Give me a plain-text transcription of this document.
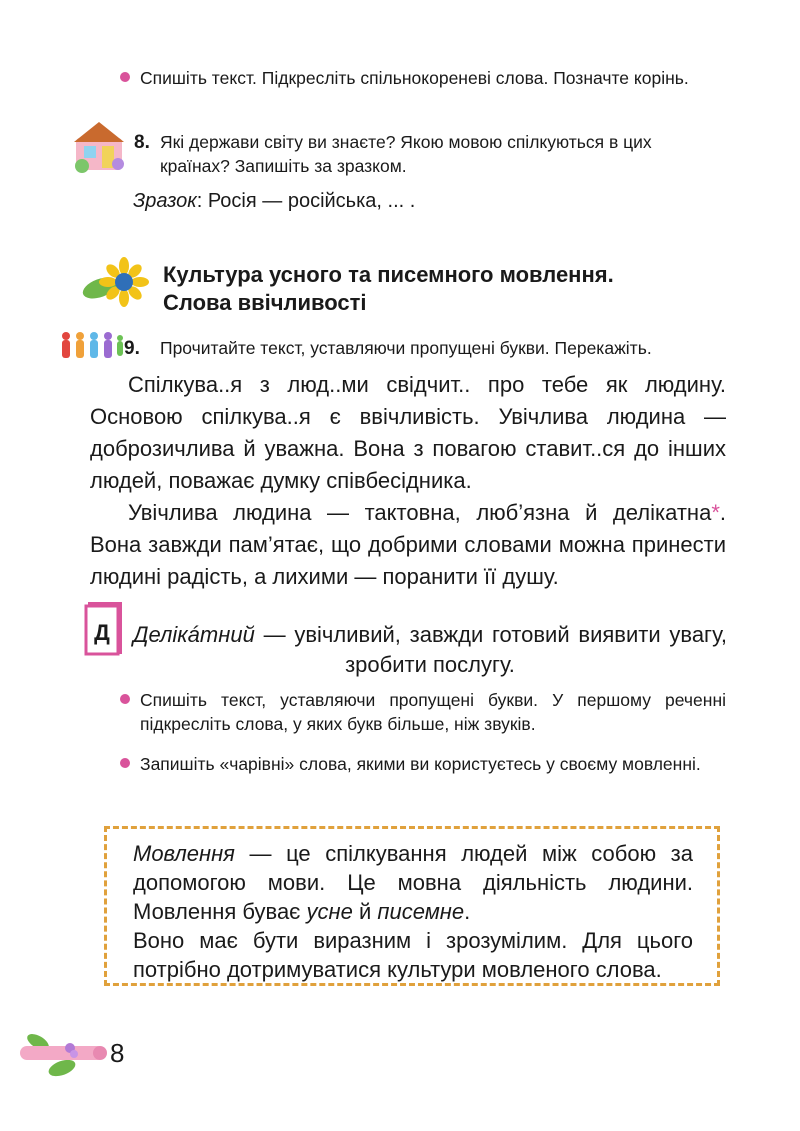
Спишіть текст. Підкресліть спільнокореневі слова. Позначте корінь.
8. Які держави світу ви знаєте? Якою мовою спілкуються в цих країнах? Запишіть за зразком.
Зразок: Росія — російська, ... .
Культура усного та писемного мовлення.
Слова ввічливості
9. Прочитайте текст, уставляючи пропущені букви. Перекажіть.

Спілкува..я з люд..ми свідчит.. про тебе як людину. Основою спілкува..я є ввічливість. Увічлива людина — доброзичлива й уважна. Вона з повагою ставит..ся до інших людей, поважає думку співбесідника.

Увічлива людина — тактовна, люб’язна й делікатна*. Вона завжди пам’ятає, що добрими словами можна принести людині радість, а лихими — поранити її душу.

Д Делікáтний — увічливий, завжди готовий виявити увагу, зробити послугу.
Спишіть текст, уставляючи пропущені букви. У першому реченні підкресліть слова, у яких букв більше, ніж звуків.
Запишіть «чарівні» слова, якими ви користуєтесь у своєму мовленні.
Мовлення — це спілкування людей між собою за допомогою мови. Це мовна діяльність людини. Мовлення буває усне й писемне.
Воно має бути виразним і зрозумілим. Для цього потрібно дотримуватися культури мовленого слова.
8
